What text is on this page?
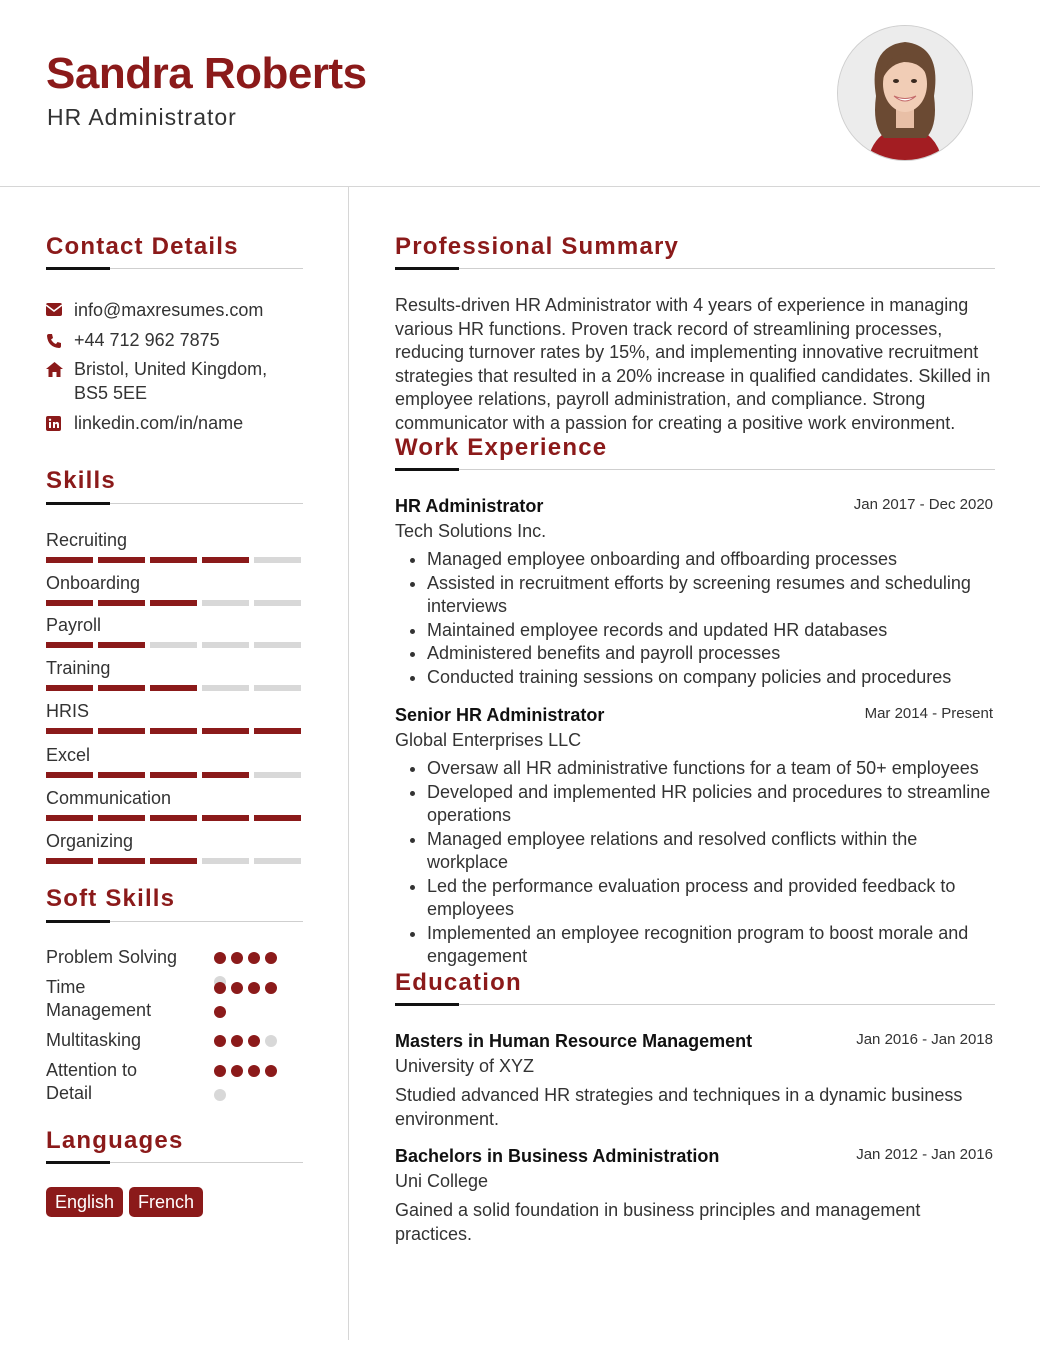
Sandra Roberts
HR Administrator
Contact Details
info@maxresumes.com
+44 712 962 7875
Bristol, United Kingdom, BS5 5EE
linkedin.com/in/name
Skills
Recruiting
Onboarding
Payroll
Training
HRIS
Excel
Communication
Organizing
Soft Skills
Problem Solving
Time Management
Multitasking
Attention to Detail
Languages
English	French
Professional Summary
Results-driven HR Administrator with 4 years of experience in managing various HR functions. Proven track record of streamlining processes, reducing turnover rates by 15%, and implementing innovative recruitment strategies that resulted in a 20% increase in qualified candidates. Skilled in employee relations, payroll administration, and compliance. Strong communicator with a passion for creating a positive work environment.
Work Experience
HR Administrator	Jan 2017 - Dec 2020
Tech Solutions Inc.
• Managed employee onboarding and offboarding processes
• Assisted in recruitment efforts by screening resumes and scheduling interviews
• Maintained employee records and updated HR databases
• Administered benefits and payroll processes
• Conducted training sessions on company policies and procedures
Senior HR Administrator	Mar 2014 - Present
Global Enterprises LLC
• Oversaw all HR administrative functions for a team of 50+ employees
• Developed and implemented HR policies and procedures to streamline operations
• Managed employee relations and resolved conflicts within the workplace
• Led the performance evaluation process and provided feedback to employees
• Implemented an employee recognition program to boost morale and engagement
Education
Masters in Human Resource Management	Jan 2016 - Jan 2018
University of XYZ
Studied advanced HR strategies and techniques in a dynamic business environment.
Bachelors in Business Administration	Jan 2012 - Jan 2016
Uni College
Gained a solid foundation in business principles and management practices.
